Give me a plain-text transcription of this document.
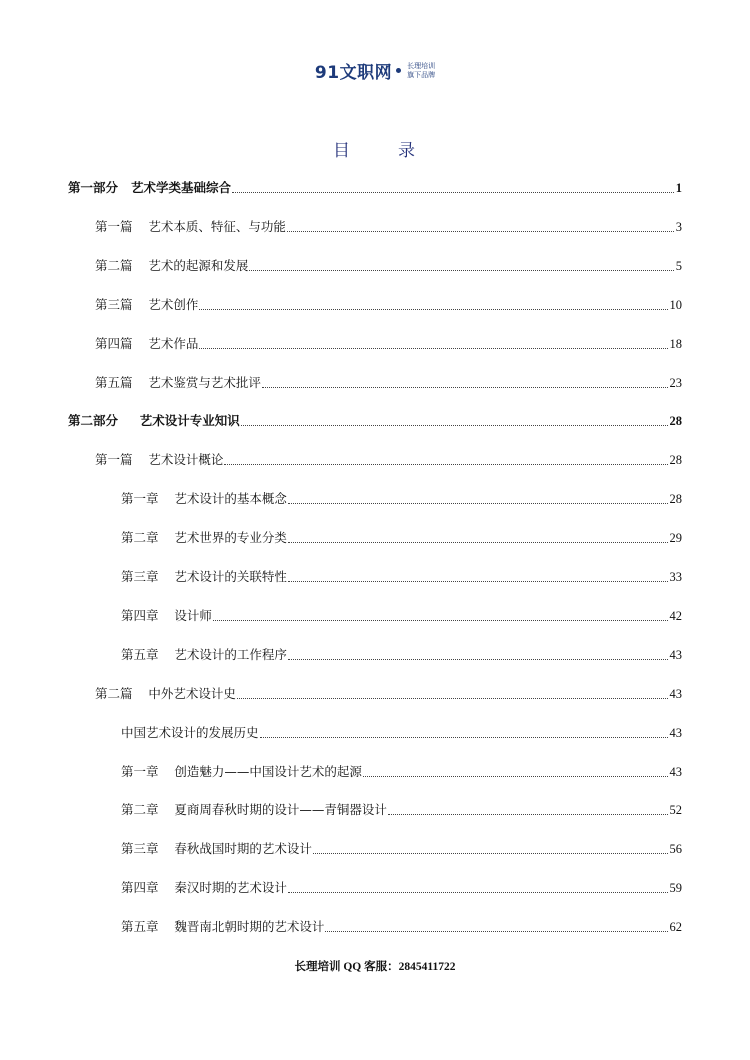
91文职网 长理培训
旗下品牌
目	录
第一部分   艺术学类基础综合	1
第一篇    艺术本质、特征、与功能	3
第二篇    艺术的起源和发展	5
第三篇    艺术创作	10
第四篇    艺术作品	18
第五篇    艺术鉴赏与艺术批评	23
第二部分     艺术设计专业知识	28
第一篇    艺术设计概论	28
第一章    艺术设计的基本概念	28
第二章    艺术世界的专业分类	29
第三章    艺术设计的关联特性	33
第四章    设计师	42
第五章    艺术设计的工作程序	43
第二篇    中外艺术设计史	43
中国艺术设计的发展历史	43
第一章    创造魅力——中国设计艺术的起源	43
第二章    夏商周春秋时期的设计——青铜器设计	52
第三章    春秋战国时期的艺术设计	56
第四章    秦汉时期的艺术设计	59
第五章    魏晋南北朝时期的艺术设计	62
长理培训 QQ 客服：2845411722
